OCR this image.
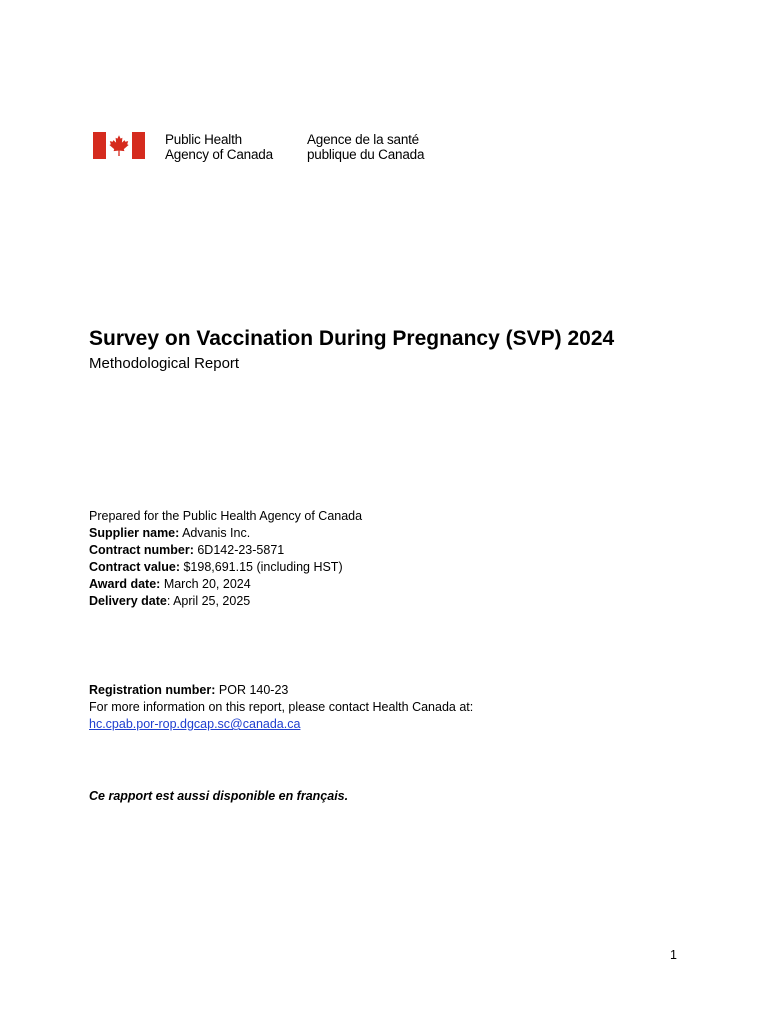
Public Health
Agency of Canada
Agence de la santé
publique du Canada
Survey on Vaccination During Pregnancy (SVP) 2024
Methodological Report
Prepared for the Public Health Agency of Canada
Supplier name: Advanis Inc.
Contract number: 6D142-23-5871
Contract value: $198,691.15 (including HST)
Award date: March 20, 2024
Delivery date: April 25, 2025
Registration number: POR 140-23
For more information on this report, please contact Health Canada at:
hc.cpab.por-rop.dgcap.sc@canada.ca
Ce rapport est aussi disponible en français.
1
